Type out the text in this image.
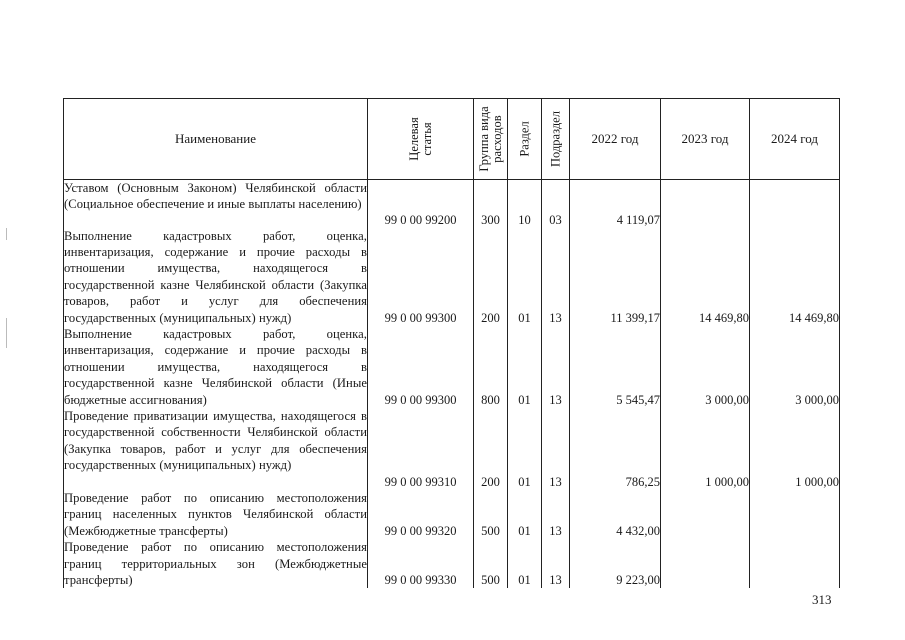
Наименование	Целевая статья	Группа вида расходов	Раздел	Подраздел	2022 год	2023 год	2024 год
Уставом (Основным Законом) Челябинской области (Социальное обеспечение и иные выплаты населению)	99 0 00 99200	300	10	03	4 119,07		
Выполнение кадастровых работ, оценка, инвентаризация, содержание и прочие расходы в отношении имущества, находящегося в государственной казне Челябинской области (Закупка товаров, работ и услуг для обеспечения государственных (муниципальных) нужд)	99 0 00 99300	200	01	13	11 399,17	14 469,80	14 469,80
Выполнение кадастровых работ, оценка, инвентаризация, содержание и прочие расходы в отношении имущества, находящегося в государственной казне Челябинской области (Иные бюджетные ассигнования)	99 0 00 99300	800	01	13	5 545,47	3 000,00	3 000,00
Проведение приватизации имущества, находящегося в государственной собственности Челябинской области (Закупка товаров, работ и услуг для обеспечения государственных (муниципальных) нужд)	99 0 00 99310	200	01	13	786,25	1 000,00	1 000,00
Проведение работ по описанию местоположения границ населенных пунктов Челябинской области (Межбюджетные трансферты)	99 0 00 99320	500	01	13	4 432,00		
Проведение работ по описанию местоположения границ территориальных зон (Межбюджетные трансферты)	99 0 00 99330	500	01	13	9 223,00		
313
